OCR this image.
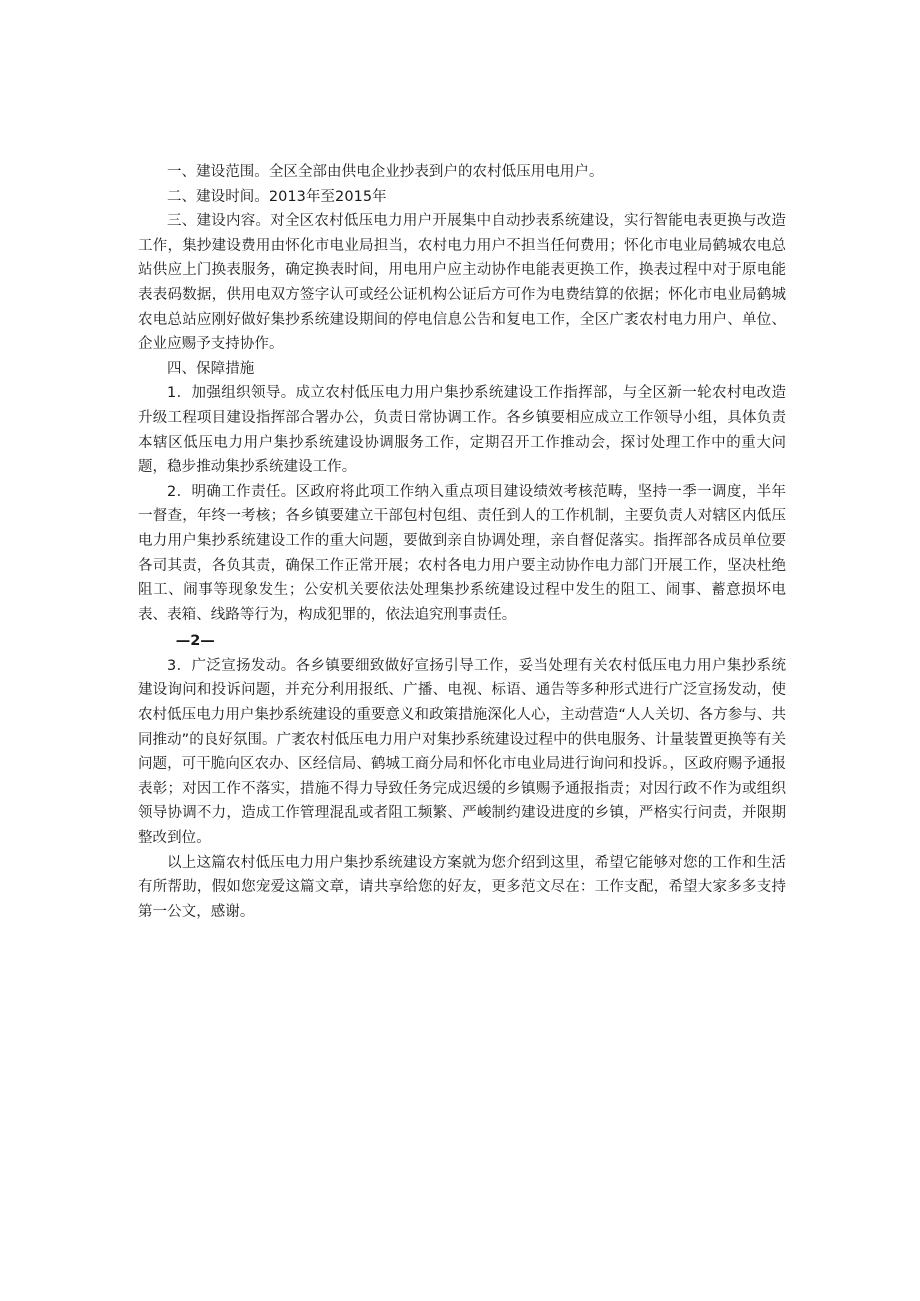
一、建设范围。全区全部由供电企业抄表到户的农村低压用电用户。

二、建设时间。2013年至2015年

三、建设内容。对全区农村低压电力用户开展集中自动抄表系统建设，实行智能电表更换与改造工作，集抄建设费用由怀化市电业局担当，农村电力用户不担当任何费用；怀化市电业局鹤城农电总站供应上门换表服务，确定换表时间，用电用户应主动协作电能表更换工作，换表过程中对于原电能表表码数据，供用电双方签字认可或经公证机构公证后方可作为电费结算的依据；怀化市电业局鹤城农电总站应刚好做好集抄系统建设期间的停电信息公告和复电工作，全区广袤农村电力用户、单位、企业应赐予支持协作。

四、保障措施

1．加强组织领导。成立农村低压电力用户集抄系统建设工作指挥部，与全区新一轮农村电改造升级工程项目建设指挥部合署办公，负责日常协调工作。各乡镇要相应成立工作领导小组，具体负责本辖区低压电力用户集抄系统建设协调服务工作，定期召开工作推动会，探讨处理工作中的重大问题，稳步推动集抄系统建设工作。

2．明确工作责任。区政府将此项工作纳入重点项目建设绩效考核范畴，坚持一季一调度，半年一督查，年终一考核；各乡镇要建立干部包村包组、责任到人的工作机制，主要负责人对辖区内低压电力用户集抄系统建设工作的重大问题，要做到亲自协调处理，亲自督促落实。指挥部各成员单位要各司其责，各负其责，确保工作正常开展；农村各电力用户要主动协作电力部门开展工作，坚决杜绝阻工、闹事等现象发生；公安机关要依法处理集抄系统建设过程中发生的阻工、闹事、蓄意损坏电表、表箱、线路等行为，构成犯罪的，依法追究刑事责任。

—2—

3．广泛宣扬发动。各乡镇要细致做好宣扬引导工作，妥当处理有关农村低压电力用户集抄系统建设询问和投诉问题，并充分利用报纸、广播、电视、标语、通告等多种形式进行广泛宣扬发动，使农村低压电力用户集抄系统建设的重要意义和政策措施深化人心，主动营造“人人关切、各方参与、共同推动”的良好氛围。广袤农村低压电力用户对集抄系统建设过程中的供电服务、计量装置更换等有关问题，可干脆向区农办、区经信局、鹤城工商分局和怀化市电业局进行询问和投诉。，区政府赐予通报表彰；对因工作不落实，措施不得力导致任务完成迟缓的乡镇赐予通报指责；对因行政不作为或组织领导协调不力，造成工作管理混乱或者阻工频繁、严峻制约建设进度的乡镇，严格实行问责，并限期整改到位。

以上这篇农村低压电力用户集抄系统建设方案就为您介绍到这里，希望它能够对您的工作和生活有所帮助，假如您宠爱这篇文章，请共享给您的好友，更多范文尽在：工作支配，希望大家多多支持第一公文，感谢。
